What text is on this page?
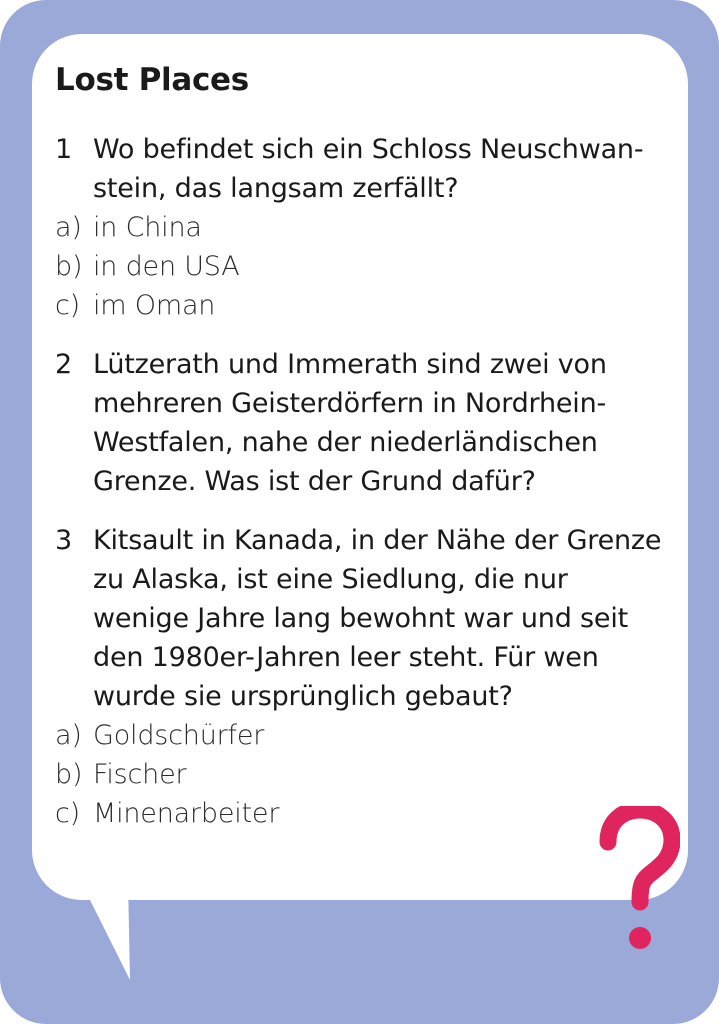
Lost Places
1 Wo befindet sich ein Schloss Neuschwan-
stein, das langsam zerfällt?
a) in China
b) in den USA
c) im Oman
2 Lützerath und Immerath sind zwei von
mehreren Geisterdörfern in Nordrhein-
Westfalen, nahe der niederländischen
Grenze. Was ist der Grund dafür?
3 Kitsault in Kanada, in der Nähe der Grenze
zu Alaska, ist eine Siedlung, die nur
wenige Jahre lang bewohnt war und seit
den 1980er-Jahren leer steht. Für wen
wurde sie ursprünglich gebaut?
a) Goldschürfer
b) Fischer
c) Minenarbeiter
